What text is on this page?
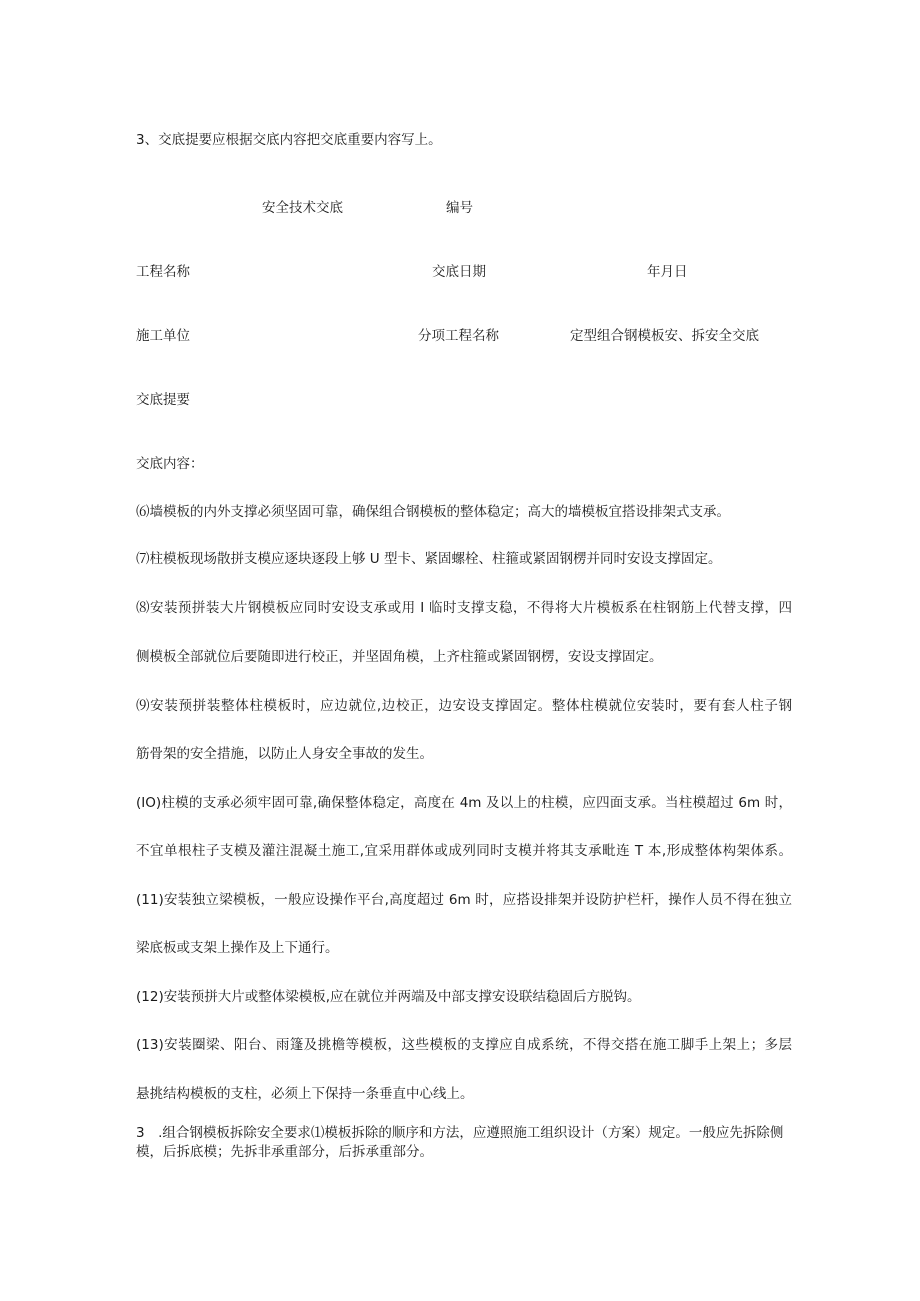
3、交底提要应根据交底内容把交底重要内容写上。
安全技术交底	编号
工程名称	交底日期	年月日
施工单位	分项工程名称	定型组合钢模板安、拆安全交底
交底提要
交底内容：
⑹墙模板的内外支撑必须坚固可靠，确保组合钢模板的整体稳定；高大的墙模板宜搭设排架式支承。
⑺柱模板现场散拼支模应逐块逐段上够 U 型卡、紧固螺栓、柱箍或紧固钢楞并同时安设支撑固定。
⑻安装预拼装大片钢模板应同时安设支承或用 I 临时支撑支稳，不得将大片模板系在柱钢筋上代替支撑，四
侧模板全部就位后要随即进行校正，并坚固角模，上齐柱箍或紧固钢楞，安设支撑固定。
⑼安装预拼装整体柱模板时，应边就位,边校正，边安设支撑固定。整体柱模就位安装时，要有套人柱子钢
筋骨架的安全措施，以防止人身安全事故的发生。
(IO)柱模的支承必须牢固可靠,确保整体稳定，高度在 4m 及以上的柱模，应四面支承。当柱模超过 6m 时，
不宜单根柱子支模及灌注混凝土施工,宜采用群体或成列同时支模并将其支承毗连 T 本,形成整体构架体系。
(11)安装独立梁模板，一般应设操作平台,高度超过 6m 时，应搭设排架并设防护栏杆，操作人员不得在独立
梁底板或支架上操作及上下通行。
(12)安装预拼大片或整体梁模板,应在就位并两端及中部支撑安设联结稳固后方脱钩。
(13)安装圈梁、阳台、雨篷及挑檐等模板，这些模板的支撑应自成系统，不得交搭在施工脚手上架上；多层
悬挑结构模板的支柱，必须上下保持一条垂直中心线上。
3　.组合钢模板拆除安全要求⑴模板拆除的顺序和方法，应遵照施工组织设计（方案）规定。一般应先拆除侧模，后拆底模；先拆非承重部分，后拆承重部分。
